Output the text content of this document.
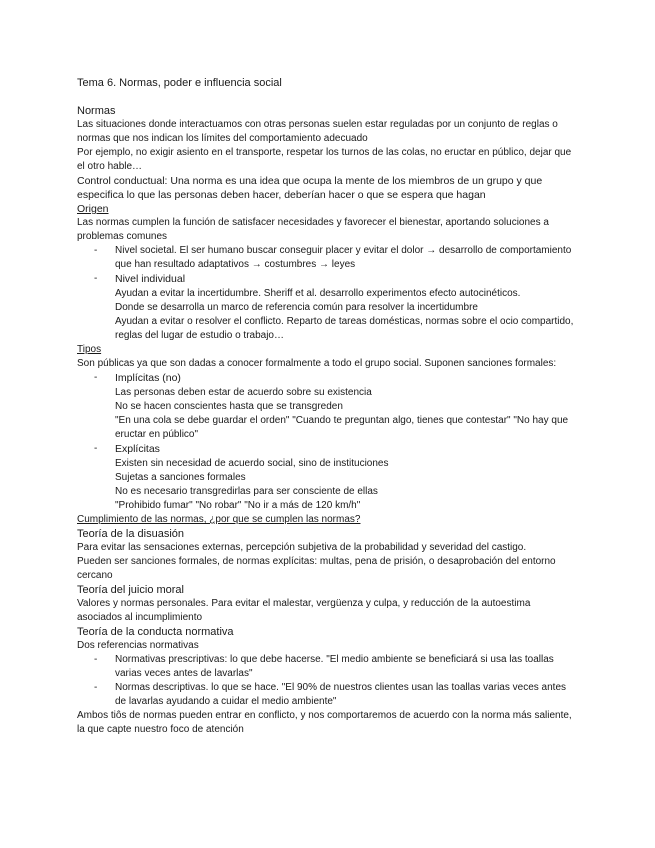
Tema 6. Normas, poder e influencia social

Normas

Las situaciones donde interactuamos con otras personas suelen estar reguladas por un conjunto de reglas o normas que nos indican los límites del comportamiento adecuado

Por ejemplo, no exigir asiento en el transporte, respetar los turnos de las colas, no eructar en público, dejar que el otro hable…

Control conductual: Una norma es una idea que ocupa la mente de los miembros de un grupo y que especifica lo que las personas deben hacer, deberían hacer o que se espera que hagan

Origen

Las normas cumplen la función de satisfacer necesidades y favorecer el bienestar, aportando soluciones a problemas comunes

- Nivel societal. El ser humano buscar conseguir placer y evitar el dolor → desarrollo de comportamiento que han resultado adaptativos → costumbres → leyes
- Nivel individual
Ayudan a evitar la incertidumbre. Sheriff et al. desarrollo experimentos efecto autocinéticos.
Donde se desarrolla un marco de referencia común para resolver la incertidumbre
Ayudan a evitar o resolver el conflicto. Reparto de tareas domésticas, normas sobre el ocio compartido, reglas del lugar de estudio o trabajo…

Tipos

Son públicas ya que son dadas a conocer formalmente a todo el grupo social. Suponen sanciones formales:

- Implícitas (no)
Las personas deben estar de acuerdo sobre su existencia
No se hacen conscientes hasta que se transgreden
"En una cola se debe guardar el orden" "Cuando te preguntan algo, tienes que contestar" "No hay que eructar en público"
- Explícitas
Existen sin necesidad de acuerdo social, sino de instituciones
Sujetas a sanciones formales
No es necesario transgredirlas para ser consciente de ellas
"Prohibido fumar" "No robar" "No ir a más de 120 km/h"

Cumplimiento de las normas, ¿por que se cumplen las normas?

Teoría de la disuasión

Para evitar las sensaciones externas, percepción subjetiva de la probabilidad y severidad del castigo.

Pueden ser sanciones formales, de normas explícitas: multas, pena de prisión, o desaprobación del entorno cercano

Teoría del juicio moral

Valores y normas personales. Para evitar el malestar, vergüenza y culpa, y reducción de la autoestima asociados al incumplimiento

Teoría de la conducta normativa

Dos referencias normativas

- Normativas prescriptivas: lo que debe hacerse. "El medio ambiente se beneficiará si usa las toallas varias veces antes de lavarlas"
- Normas descriptivas. lo que se hace. "El 90% de nuestros clientes usan las toallas varias veces antes de lavarlas ayudando a cuidar el medio ambiente"

Ambos tiôs de normas pueden entrar en conflicto, y nos comportaremos de acuerdo con la norma más saliente, la que capte nuestro foco de atención
